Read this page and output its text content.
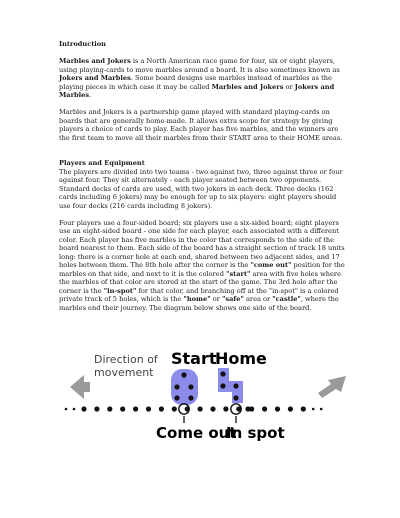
Introduction

Marbles and Jokers is a North American race game for four, six or eight players, using playing-cards to move marbles around a board. It is also sometimes known as Jokers and Marbles. Some board designs use marbles instead of marbles as the playing pieces in which case it may be called Marbles and Jokers or Jokers and Marbles.

Marbles and Jokers is a partnership game played with standard playing-cards on boards that are generally home-made. It allows extra scope for strategy by giving players a choice of cards to play. Each player has five marbles, and the winners are the first team to move all their marbles from their START area to their HOME areas.

Players and Equipment

The players are divided into two teams - two against two, three against three or four against four. They sit alternately - each player seated between two opponents. Standard decks of cards are used, with two jokers in each deck. Three decks (162 cards including 6 jokers) may be enough for up to six players: eight players should use four decks (216 cards including 8 jokers).

Four players use a four-sided board; six players use a six-sided board; eight players use an eight-sided board - one side for each player, each associated with a different color. Each player has five marbles in the color that corresponds to the side of the board nearest to them. Each side of the board has a straight section of track 18 units long: there is a corner hole at each end, shared between two adjacent sides, and 17 holes between them. The 8th hole after the corner is the "come out" position for the marbles on that side, and next to it is the colored "start" area with five holes where the marbles of that color are stored at the start of the game. The 3rd hole after the corner is the "in-spot" for that color, and branching off at the "in-spot" is a colored private track of 5 holes, which is the "home" or "safe" area or "castle", where the marbles end their journey. The diagram below shows one side of the board.

Direction of
movement
Start
Home
Come out
In spot
